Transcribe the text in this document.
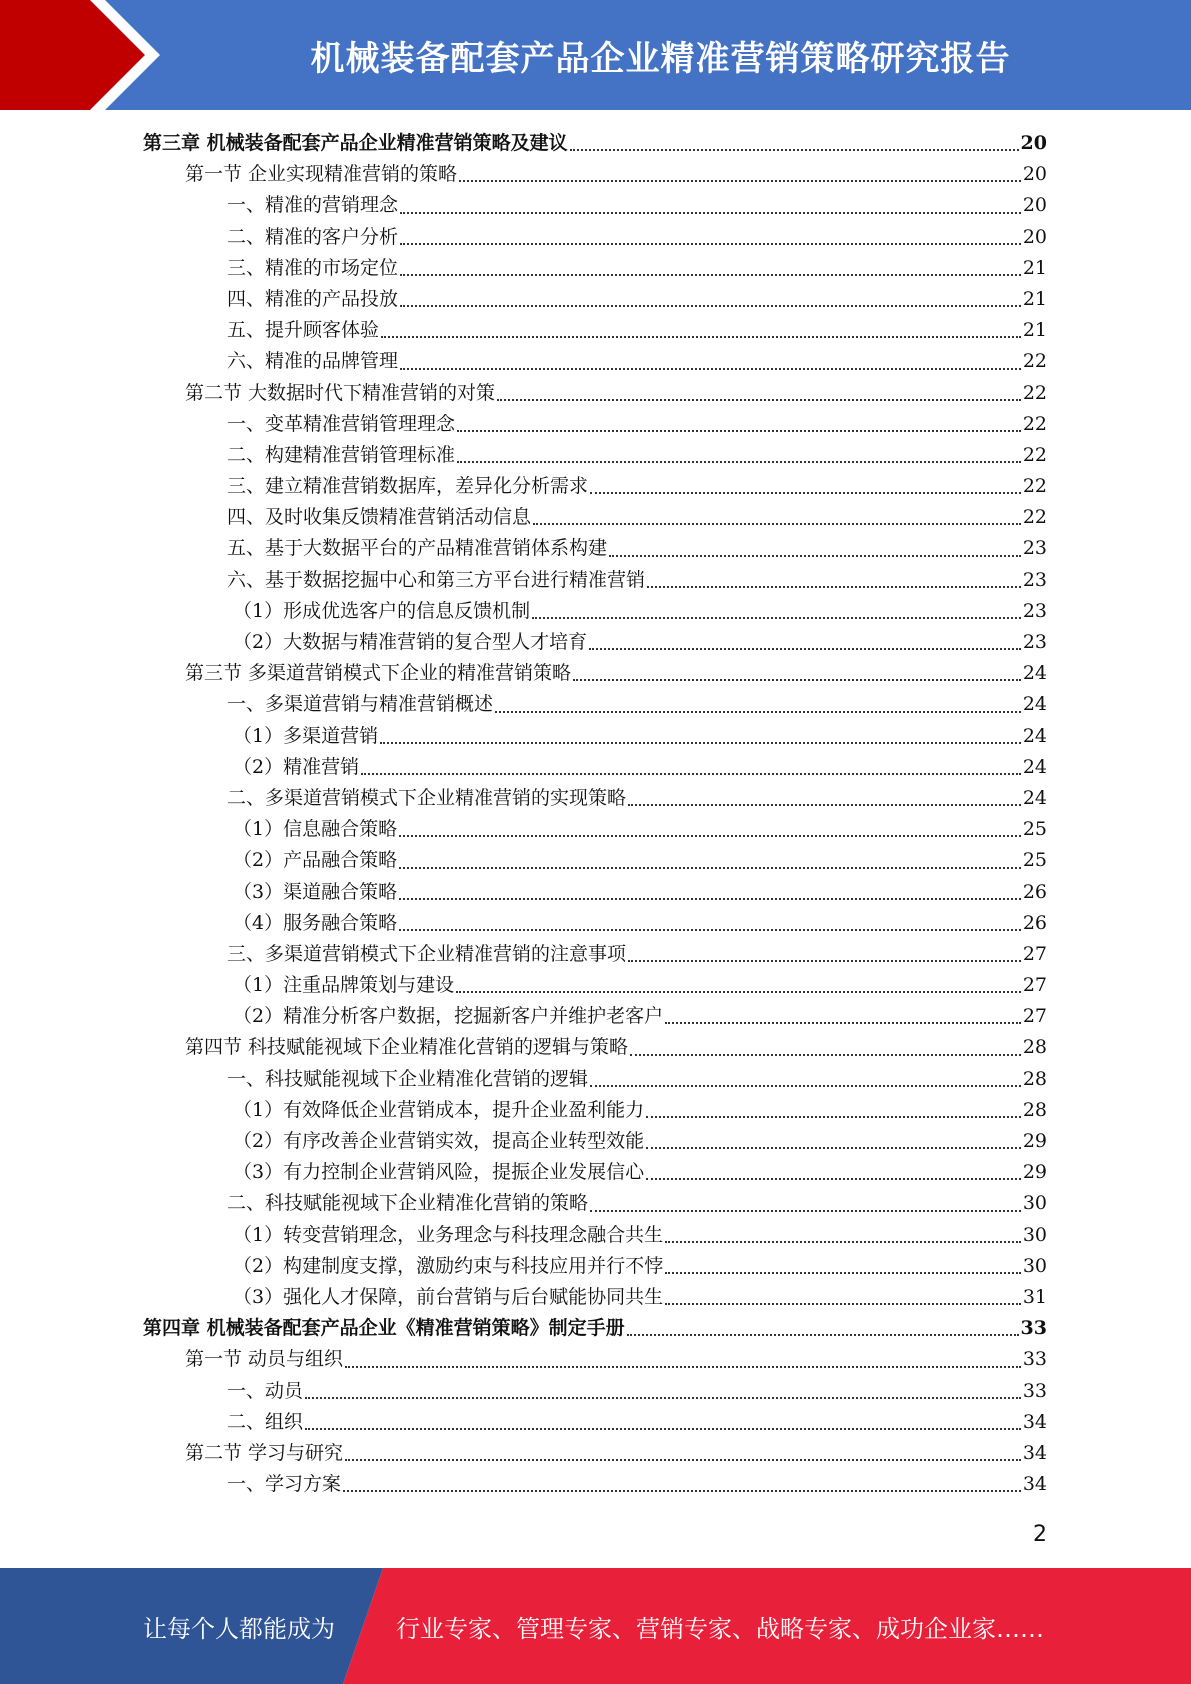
机械装备配套产品企业精准营销策略研究报告
第三章 机械装备配套产品企业精准营销策略及建议	20
第一节 企业实现精准营销的策略	20
一、精准的营销理念	20
二、精准的客户分析	20
三、精准的市场定位	21
四、精准的产品投放	21
五、提升顾客体验	21
六、精准的品牌管理	22
第二节 大数据时代下精准营销的对策	22
一、变革精准营销管理理念	22
二、构建精准营销管理标准	22
三、建立精准营销数据库，差异化分析需求	22
四、及时收集反馈精准营销活动信息	22
五、基于大数据平台的产品精准营销体系构建	23
六、基于数据挖掘中心和第三方平台进行精准营销	23
（1）形成优选客户的信息反馈机制	23
（2）大数据与精准营销的复合型人才培育	23
第三节 多渠道营销模式下企业的精准营销策略	24
一、多渠道营销与精准营销概述	24
（1）多渠道营销	24
（2）精准营销	24
二、多渠道营销模式下企业精准营销的实现策略	24
（1）信息融合策略	25
（2）产品融合策略	25
（3）渠道融合策略	26
（4）服务融合策略	26
三、多渠道营销模式下企业精准营销的注意事项	27
（1）注重品牌策划与建设	27
（2）精准分析客户数据，挖掘新客户并维护老客户	27
第四节 科技赋能视域下企业精准化营销的逻辑与策略	28
一、科技赋能视域下企业精准化营销的逻辑	28
（1）有效降低企业营销成本，提升企业盈利能力	28
（2）有序改善企业营销实效，提高企业转型效能	29
（3）有力控制企业营销风险，提振企业发展信心	29
二、科技赋能视域下企业精准化营销的策略	30
（1）转变营销理念，业务理念与科技理念融合共生	30
（2）构建制度支撑，激励约束与科技应用并行不悖	30
（3）强化人才保障，前台营销与后台赋能协同共生	31
第四章 机械装备配套产品企业《精准营销策略》制定手册	33
第一节 动员与组织	33
一、动员	33
二、组织	34
第二节 学习与研究	34
一、学习方案	34
2
让每个人都能成为	行业专家、管理专家、营销专家、战略专家、成功企业家……
